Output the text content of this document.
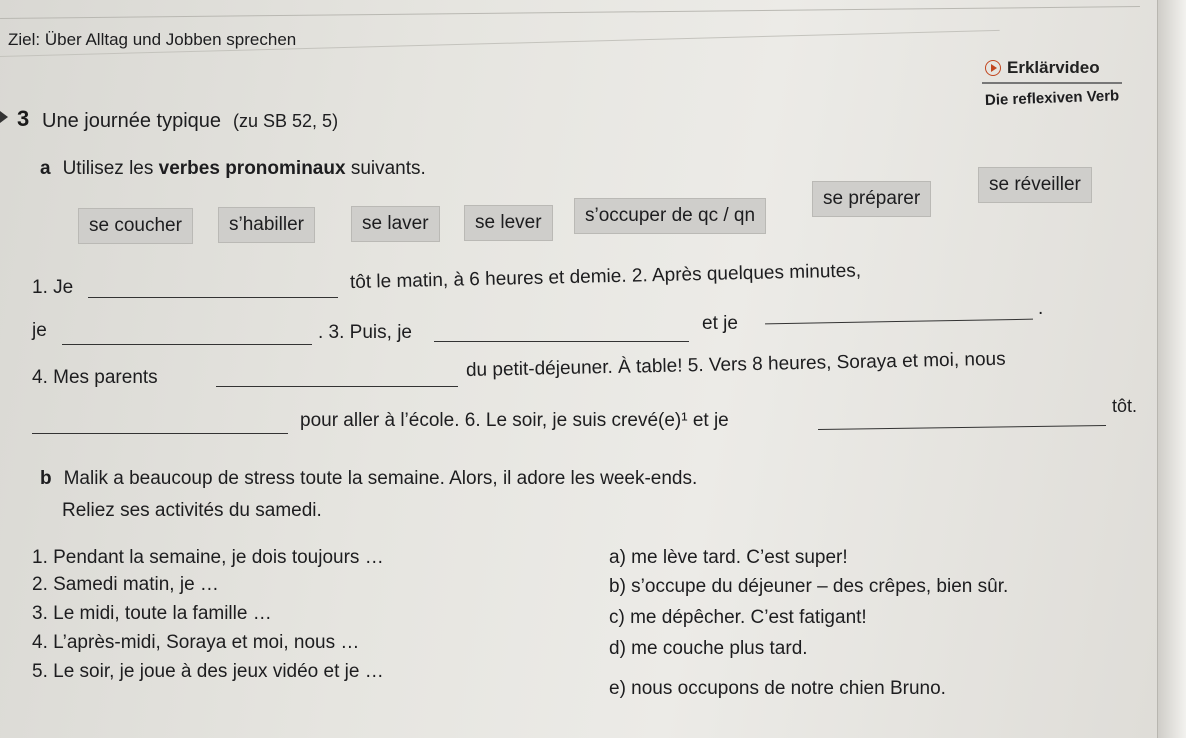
Ziel: Über Alltag und Jobben sprechen
Erklärvideo
Die reflexiven Verb
3 Une journée typique (zu SB 52, 5)
a Utilisez les verbes pronominaux suivants.
se coucher	s’habiller	se laver	se lever	s’occuper de qc / qn
se préparer
se réveiller
1. Je	tôt le matin, à 6 heures et demie. 2. Après quelques minutes,
je	. 3. Puis, je	et je
.
4. Mes parents	du petit-déjeuner. À table! 5. Vers 8 heures, Soraya et moi, nous
pour aller à l’école. 6. Le soir, je suis crevé(e)¹ et je
tôt.
b Malik a beaucoup de stress toute la semaine. Alors, il adore les week-ends.
Reliez ses activités du samedi.
1. Pendant la semaine, je dois toujours …
2. Samedi matin, je …
3. Le midi, toute la famille …
4. L’après-midi, Soraya et moi, nous …
5. Le soir, je joue à des jeux vidéo et je …
a) me lève tard. C’est super!
b) s’occupe du déjeuner – des crêpes, bien sûr.
c) me dépêcher. C’est fatigant!
d) me couche plus tard.
e) nous occupons de notre chien Bruno.
